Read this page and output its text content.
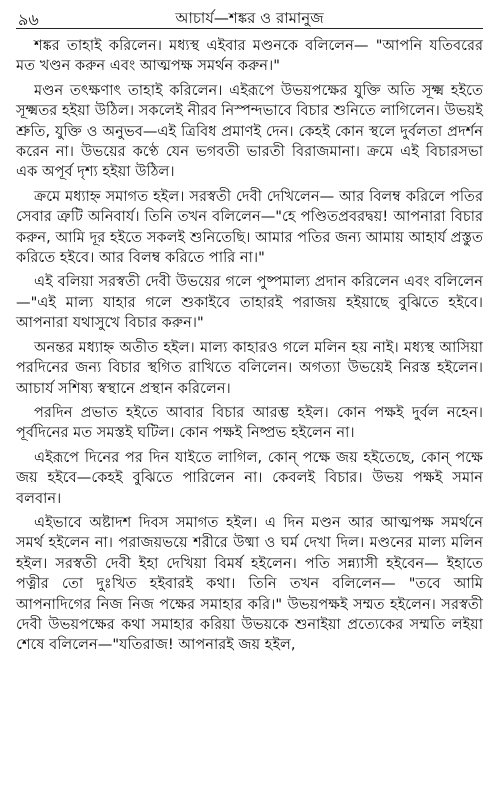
৯৬	আচার্য—শঙ্কর ও রামানুজ

শঙ্কর তাহাই করিলেন। মধ্যস্থ এইবার মণ্ডনকে বলিলেন— "আপনি যতিবরের মত খণ্ডন করুন এবং আত্মপক্ষ সমর্থন করুন।"

মণ্ডন তৎক্ষণাৎ তাহাই করিলেন। এইরূপে উভয়পক্ষের যুক্তি অতি সূক্ষ্ম হইতে সূক্ষ্মতর হইয়া উঠিল। সকলেই নীরব নিস্পন্দভাবে বিচার শুনিতে লাগিলেন। উভয়ই শ্রুতি, যুক্তি ও অনুভব—এই ত্রিবিধ প্রমাণই দেন। কেহই কোন স্থলে দুর্বলতা প্রদর্শন করেন না। উভয়ের কণ্ঠে যেন ভগবতী ভারতী বিরাজমানা। ক্রমে এই বিচারসভা এক অপূর্ব দৃশ্য হইয়া উঠিল।

ক্রমে মধ্যাহ্ন সমাগত হইল। সরস্বতী দেবী দেখিলেন— আর বিলম্ব করিলে পতির সেবার ত্রুটি অনিবার্য। তিনি তখন বলিলেন—"হে পণ্ডিতপ্রবরদ্বয়! আপনারা বিচার করুন, আমি দূর হইতে সকলই শুনিতেছি। আমার পতির জন্য আমায় আহার্য প্রস্তুত করিতে হইবে। আর বিলম্ব করিতে পারি না।"

এই বলিয়া সরস্বতী দেবী উভয়ের গলে পুষ্পমাল্য প্রদান করিলেন এবং বলিলেন—"এই মাল্য যাহার গলে শুকাইবে তাহারই পরাজয় হইয়াছে বুঝিতে হইবে। আপনারা যথাসুখে বিচার করুন।"

অনন্তর মধ্যাহ্ন অতীত হইল। মাল্য কাহারও গলে মলিন হয় নাই। মধ্যস্থ আসিয়া পরদিনের জন্য বিচার স্থগিত রাখিতে বলিলেন। অগত্যা উভয়েই নিরস্ত হইলেন। আচার্য সশিষ্য স্বস্থানে প্রস্থান করিলেন।

পরদিন প্রভাত হইতে আবার বিচার আরম্ভ হইল। কোন পক্ষই দুর্বল নহেন। পূর্বদিনের মত সমস্তই ঘটিল। কোন পক্ষই নিষ্প্রভ হইলেন না।

এইরূপে দিনের পর দিন যাইতে লাগিল, কোন্ পক্ষে জয় হইতেছে, কোন্ পক্ষে জয় হইবে—কেহই বুঝিতে পারিলেন না। কেবলই বিচার। উভয় পক্ষই সমান বলবান।

এইভাবে অষ্টাদশ দিবস সমাগত হইল। এ দিন মণ্ডন আর আত্মপক্ষ সমর্থনে সমর্থ হইলেন না। পরাজয়ভয়ে শরীরে উষ্মা ও ঘর্ম দেখা দিল। মণ্ডনের মাল্য মলিন হইল। সরস্বতী দেবী ইহা দেখিয়া বিমর্ষ হইলেন। পতি সন্ন্যাসী হইবেন— ইহাতে পত্নীর তো দুঃখিত হইবারই কথা। তিনি তখন বলিলেন— "তবে আমি আপনাদিগের নিজ নিজ পক্ষের সমাহার করি।" উভয়পক্ষই সম্মত হইলেন। সরস্বতী দেবী উভয়পক্ষের কথা সমাহার করিয়া উভয়কে শুনাইয়া প্রত্যেকের সম্মতি লইয়া শেষে বলিলেন—"যতিরাজ! আপনারই জয় হইল,
